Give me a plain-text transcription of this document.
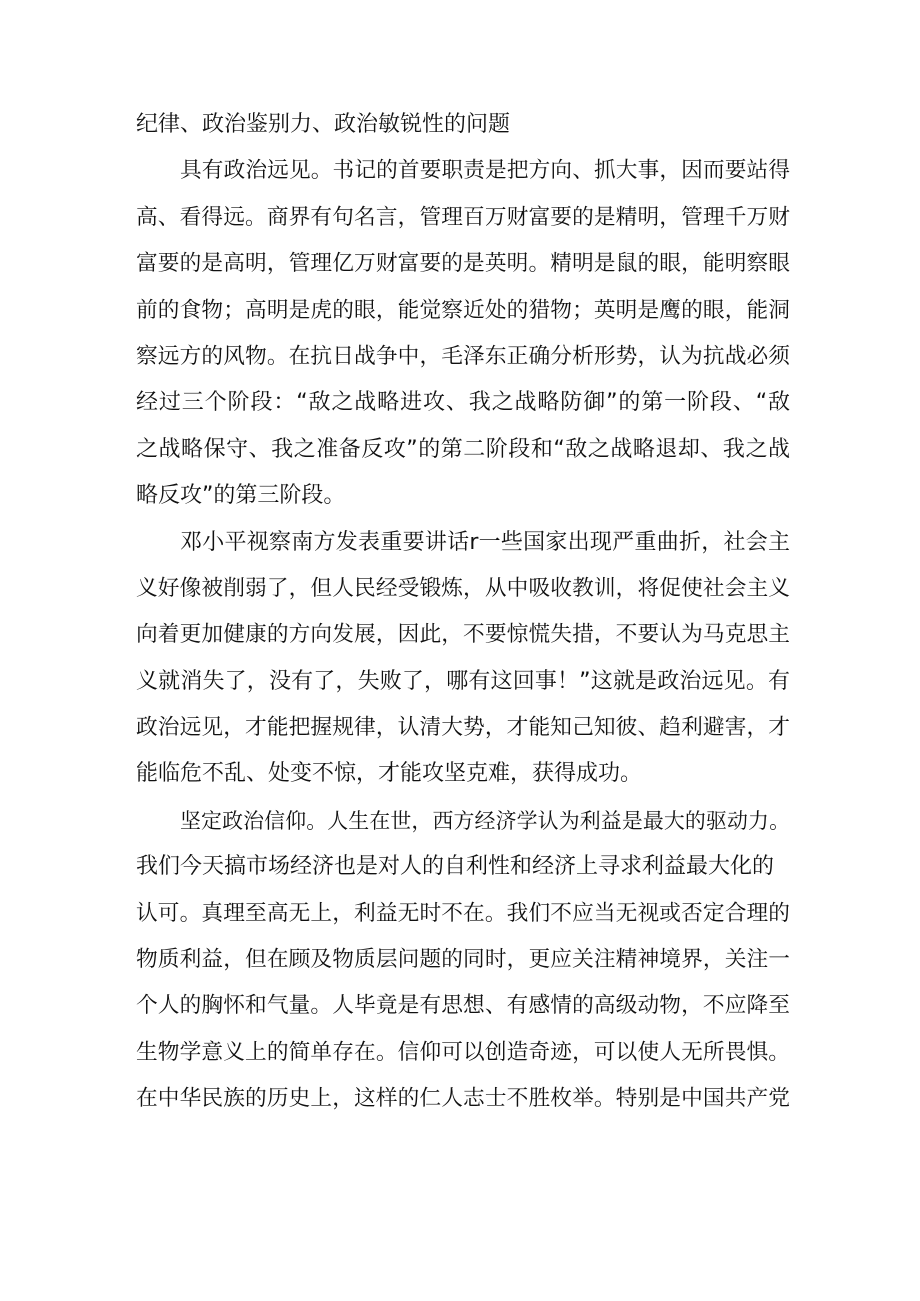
纪律、政治鉴别力、政治敏锐性的问题
具有政治远见。书记的首要职责是把方向、抓大事，因而要站得
高、看得远。商界有句名言，管理百万财富要的是精明，管理千万财
富要的是高明，管理亿万财富要的是英明。精明是鼠的眼，能明察眼
前的食物；高明是虎的眼，能觉察近处的猎物；英明是鹰的眼，能洞
察远方的风物。在抗日战争中，毛泽东正确分析形势，认为抗战必须
经过三个阶段：“敌之战略进攻、我之战略防御”的第一阶段、“敌
之战略保守、我之准备反攻”的第二阶段和“敌之战略退却、我之战
略反攻”的第三阶段。
邓小平视察南方发表重要讲话r一些国家出现严重曲折，社会主
义好像被削弱了，但人民经受锻炼，从中吸收教训，将促使社会主义
向着更加健康的方向发展，因此，不要惊慌失措，不要认为马克思主
义就消失了，没有了，失败了，哪有这回事！”这就是政治远见。有
政治远见，才能把握规律，认清大势，才能知己知彼、趋利避害，才
能临危不乱、处变不惊，才能攻坚克难，获得成功。
坚定政治信仰。人生在世，西方经济学认为利益是最大的驱动力。
我们今天搞市场经济也是对人的自利性和经济上寻求利益最大化的
认可。真理至高无上，利益无时不在。我们不应当无视或否定合理的
物质利益，但在顾及物质层问题的同时，更应关注精神境界，关注一
个人的胸怀和气量。人毕竟是有思想、有感情的高级动物，不应降至
生物学意义上的简单存在。信仰可以创造奇迹，可以使人无所畏惧。
在中华民族的历史上，这样的仁人志士不胜枚举。特别是中国共产党
